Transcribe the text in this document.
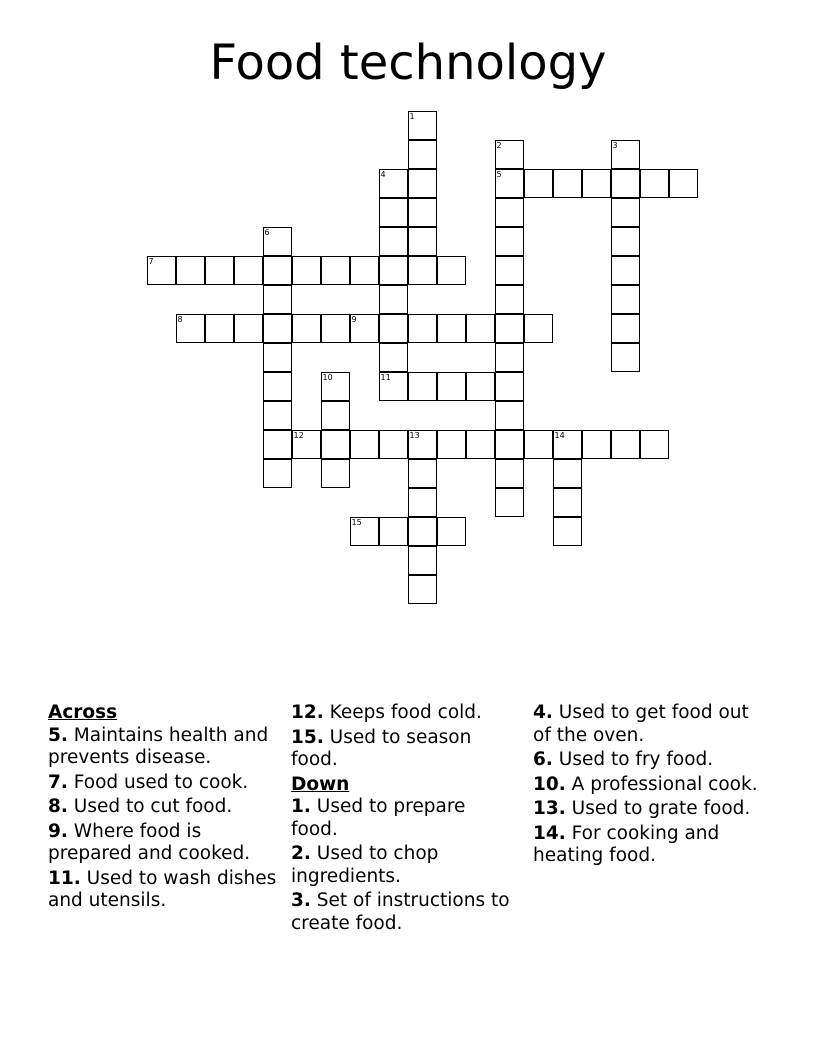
Food technology
1
2
5
3
4
11
6
7
8	9
10
12	13	14
15
Across
5. Maintains health and prevents disease.
7. Food used to cook.
8. Used to cut food.
9. Where food is prepared and cooked.
11. Used to wash dishes and utensils.
12. Keeps food cold.
15. Used to season food.
Down
1. Used to prepare food.
2. Used to chop ingredients.
3. Set of instructions to create food.
4. Used to get food out of the oven.
6. Used to fry food.
10. A professional cook.
13. Used to grate food.
14. For cooking and heating food.
